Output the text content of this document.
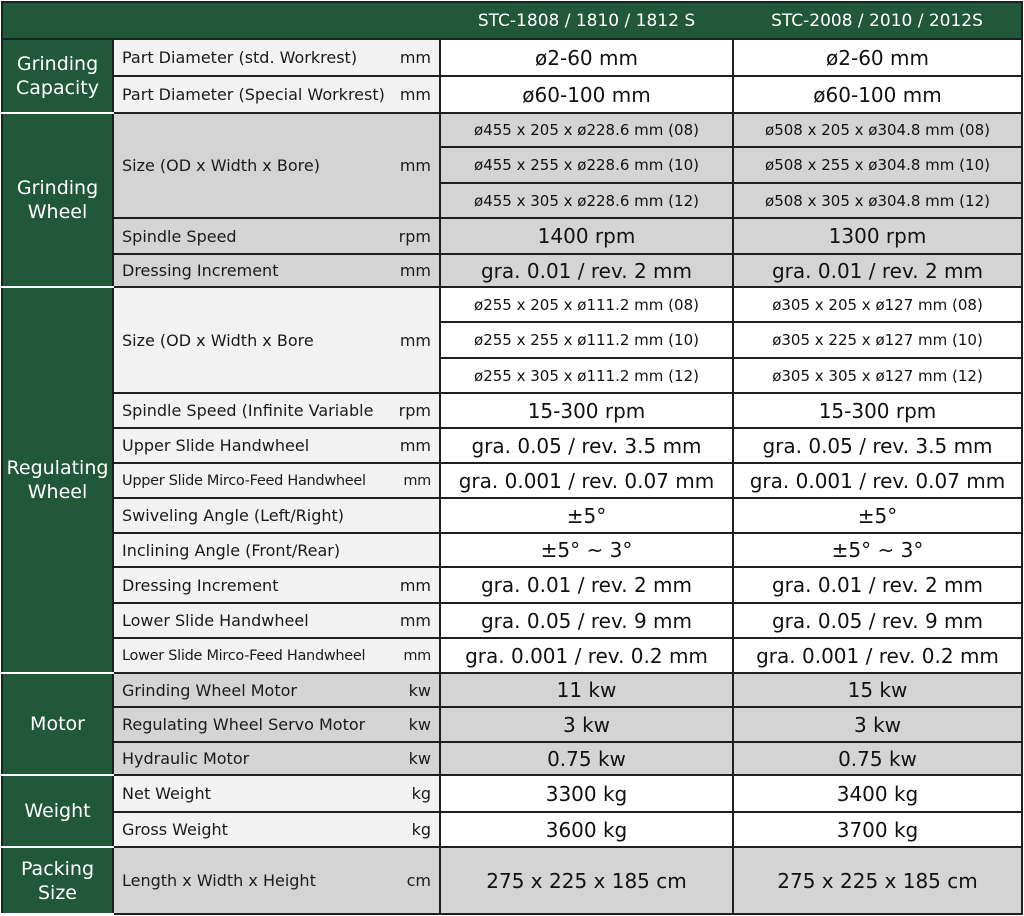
		STC-1808 / 1810 / 1812 S	STC-2008 / 2010 / 2012S
Grinding Capacity	Part Diameter (std. Workrest) mm	ø2-60 mm	ø2-60 mm

	Part Diameter (Special Workrest) mm	ø60-100 mm	ø60-100 mm
Grinding Wheel	Size (OD x Width x Bore) mm	ø455 x 205 x ø228.6 mm (08)	ø508 x 205 x ø304.8 mm (08)
		ø455 x 255 x ø228.6 mm (10)	ø508 x 255 x ø304.8 mm (10)
		ø455 x 305 x ø228.6 mm (12)	ø508 x 305 x ø304.8 mm (12)

	Spindle Speed rpm	1400 rpm	1300 rpm

	Dressing Increment mm	gra. 0.01 / rev. 2 mm	gra. 0.01 / rev. 2 mm
Regulating Wheel	Size (OD x Width x Bore mm	ø255 x 205 x ø111.2 mm (08)	ø305 x 205 x ø127 mm (08)
		ø255 x 255 x ø111.2 mm (10)	ø305 x 225 x ø127 mm (10)
		ø255 x 305 x ø111.2 mm (12)	ø305 x 305 x ø127 mm (12)

	Spindle Speed (Infinite Variable rpm	15-300 rpm	15-300 rpm

	Upper Slide Handwheel mm	gra. 0.05 / rev. 3.5 mm	gra. 0.05 / rev. 3.5 mm

	Upper Slide Mirco-Feed Handwheel mm	gra. 0.001 / rev. 0.07 mm	gra. 0.001 / rev. 0.07 mm

	Swiveling Angle (Left/Right)	±5°	±5°

	Inclining Angle (Front/Rear)	±5° ~ 3°	±5° ~ 3°

	Dressing Increment mm	gra. 0.01 / rev. 2 mm	gra. 0.01 / rev. 2 mm

	Lower Slide Handwheel mm	gra. 0.05 / rev. 9 mm	gra. 0.05 / rev. 9 mm

	Lower Slide Mirco-Feed Handwheel mm	gra. 0.001 / rev. 0.2 mm	gra. 0.001 / rev. 0.2 mm
Motor	Grinding Wheel Motor kw	11 kw	15 kw

	Regulating Wheel Servo Motor kw	3 kw	3 kw

	Hydraulic Motor kw	0.75 kw	0.75 kw
Weight	Net Weight kg	3300 kg	3400 kg

	Gross Weight kg	3600 kg	3700 kg
Packing Size	Length x Width x Height cm	275 x 225 x 185 cm	275 x 225 x 185 cm
